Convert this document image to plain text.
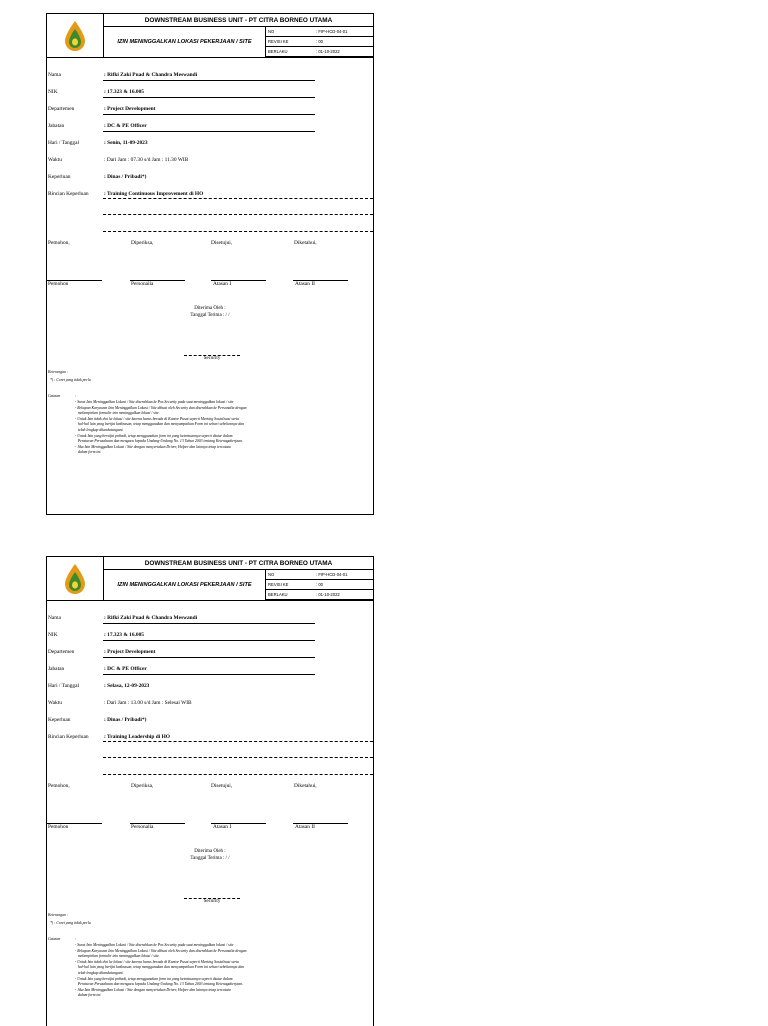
DOWNSTREAM BUSINESS UNIT - PT CITRA BORNEO UTAMA
IZIN MENINGGALKAN LOKASI PEKERJAAN / SITE
NO	: FIP-HCD-04-01
REVISI KE	: 00
BERLAKU	: 01-10-2022
Nama	: Rifki Zaki Puad & Chandra Meswandi
NIK	: 17.323 & 16.005
Departemen	: Project Development
Jabatan	: DC & PE Officer
Hari / Tanggal	: Senin, 11-09-2023
Waktu	: Dari Jam : 07.30 s/d Jam : 11.30 WIB
Keperluan	: Dinas / Pribadi*)
Rincian Keperluan	: Training Continuous Improvement di HO
Pemohon,	Diperiksa,	Disetujui,	Diketahui,
Pemohon	Personalia	Atasan I	Atasan II
Diterima Oleh :
Tanggal Terima : / /
Security
Keterangan :
*) : Coret yang tidak perlu
Catatan	:
- Surat Izin Meninggalkan Lokasi / Site diserahkan ke Pos Security pada saat meninggalkan lokasi / site
- Rekapan Karyawan Izin Meninggalkan Lokasi / Site dibuat oleh Security dan diserahkan ke Personalia dengan
melampirkan formulir izin meninggalkan lokasi / site.
- Untuk Izin tidak dwi ke lokasi / site karena harus berada di Kantor Pusat seperti Meeting Sosialisasi serta
hal-hal lain yang berifat kedinasan, tetap menggunakan dan menyampaikan Form ini sehari sebelumnya dan
telah lengkap ditandatangani.
- Untuk Izin yang bersifat pribadi, tetap menggunakan form ini yang ketentuannya seperti diatur dalam
Peraturan Perusahaan dan mengacu kepada Undang-Undang No. 13 Tahun 2003 tentang Ketenagakerjaan.
- Jika Izin Meninggalkan Lokasi / Site dengan menyertakan Driver, Helper dan lainnya tetap tercatata
dalam form ini.
DOWNSTREAM BUSINESS UNIT - PT CITRA BORNEO UTAMA
IZIN MENINGGALKAN LOKASI PEKERJAAN / SITE
NO	: FIP-HCD-04-01
REVISI KE	: 00
BERLAKU	: 01-10-2022
Nama	: Rifki Zaki Puad & Chandra Meswandi
NIK	: 17.323 & 16.005
Departemen	: Project Development
Jabatan	: DC & PE Officer
Hari / Tanggal	: Selasa, 12-09-2023
Waktu	: Dari Jam : 13.00 s/d Jam : Selesai WIB
Keperluan	: Dinas / Pribadi*)
Rincian Keperluan	: Training Leadership di HO
Pemohon,	Diperiksa,	Disetujui,	Diketahui,
Pemohon	Personalia	Atasan I	Atasan II
Diterima Oleh :
Tanggal Terima : / /
Security
Keterangan :
*) : Coret yang tidak perlu
Catatan	:
- Surat Izin Meninggalkan Lokasi / Site diserahkan ke Pos Security pada saat meninggalkan lokasi / site
- Rekapan Karyawan Izin Meninggalkan Lokasi / Site dibuat oleh Security dan diserahkan ke Personalia dengan
melampirkan formulir izin meninggalkan lokasi / site.
- Untuk Izin tidak dwi ke lokasi / site karena harus berada di Kantor Pusat seperti Meeting Sosialisasi serta
hal-hal lain yang berifat kedinasan, tetap menggunakan dan menyampaikan Form ini sehari sebelumnya dan
telah lengkap ditandatangani.
- Untuk Izin yang bersifat pribadi, tetap menggunakan form ini yang ketentuannya seperti diatur dalam
Peraturan Perusahaan dan mengacu kepada Undang-Undang No. 13 Tahun 2003 tentang Ketenagakerjaan.
- Jika Izin Meninggalkan Lokasi / Site dengan menyertakan Driver, Helper dan lainnya tetap tercatata
dalam form ini.
